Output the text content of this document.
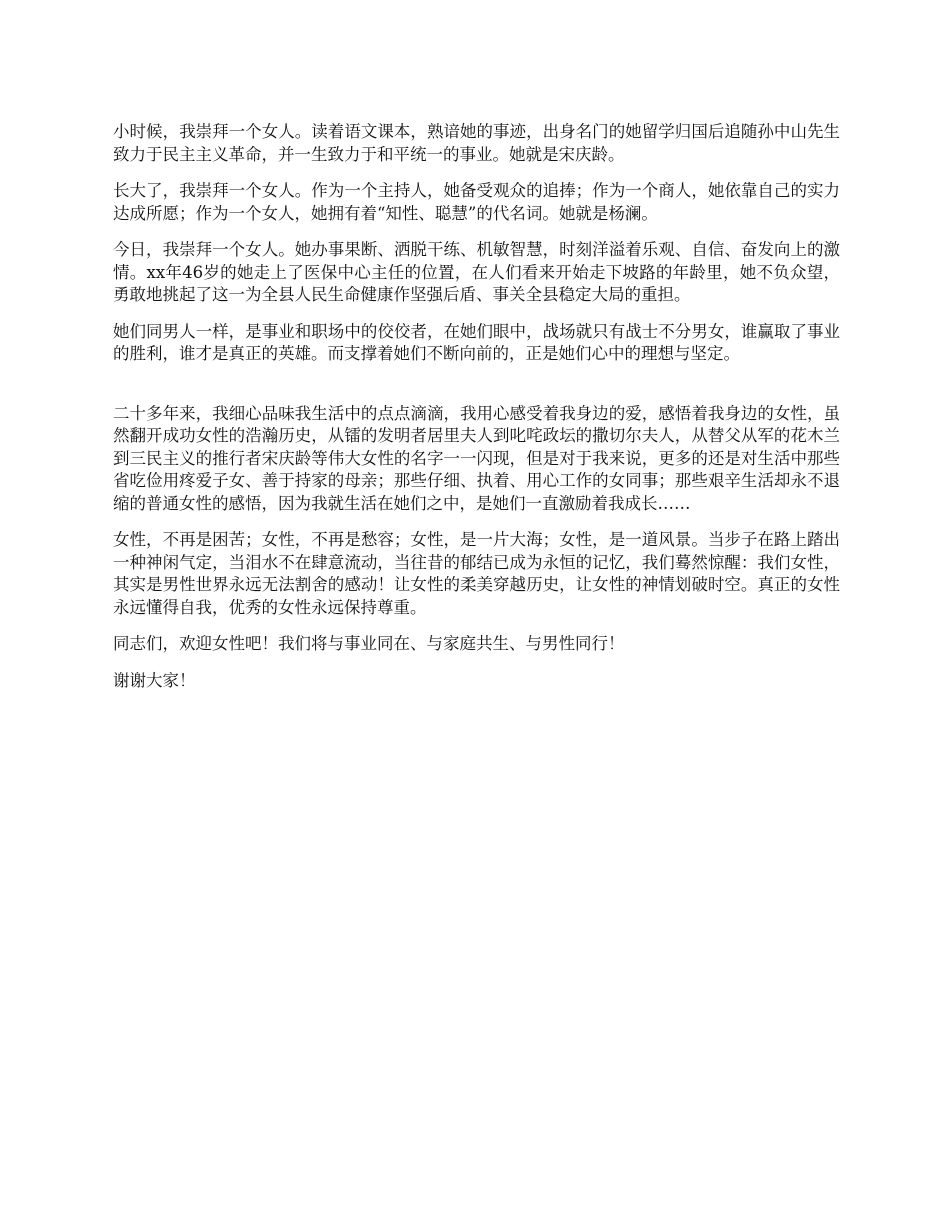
小时候，我崇拜一个女人。读着语文课本，熟谙她的事迹，出身名门的她留学归国后追随孙中山先生致力于民主主义革命，并一生致力于和平统一的事业。她就是宋庆龄。

长大了，我崇拜一个女人。作为一个主持人，她备受观众的追捧；作为一个商人，她依靠自己的实力达成所愿；作为一个女人，她拥有着“知性、聪慧”的代名词。她就是杨澜。

今日，我崇拜一个女人。她办事果断、洒脱干练、机敏智慧，时刻洋溢着乐观、自信、奋发向上的激情。xx年46岁的她走上了医保中心主任的位置，在人们看来开始走下坡路的年龄里，她不负众望，勇敢地挑起了这一为全县人民生命健康作坚强后盾、事关全县稳定大局的重担。

她们同男人一样，是事业和职场中的佼佼者，在她们眼中，战场就只有战士不分男女，谁赢取了事业的胜利，谁才是真正的英雄。而支撑着她们不断向前的，正是她们心中的理想与坚定。

二十多年来，我细心品味我生活中的点点滴滴，我用心感受着我身边的爱，感悟着我身边的女性，虽然翻开成功女性的浩瀚历史，从镭的发明者居里夫人到叱咤政坛的撒切尔夫人，从替父从军的花木兰到三民主义的推行者宋庆龄等伟大女性的名字一一闪现，但是对于我来说，更多的还是对生活中那些省吃俭用疼爱子女、善于持家的母亲；那些仔细、执着、用心工作的女同事；那些艰辛生活却永不退缩的普通女性的感悟，因为我就生活在她们之中，是她们一直激励着我成长……

女性，不再是困苦；女性，不再是愁容；女性，是一片大海；女性，是一道风景。当步子在路上踏出一种神闲气定，当泪水不在肆意流动，当往昔的郁结已成为永恒的记忆，我们蓦然惊醒：我们女性，其实是男性世界永远无法割舍的感动！让女性的柔美穿越历史，让女性的神情划破时空。真正的女性永远懂得自我，优秀的女性永远保持尊重。

同志们，欢迎女性吧！我们将与事业同在、与家庭共生、与男性同行！

谢谢大家！
